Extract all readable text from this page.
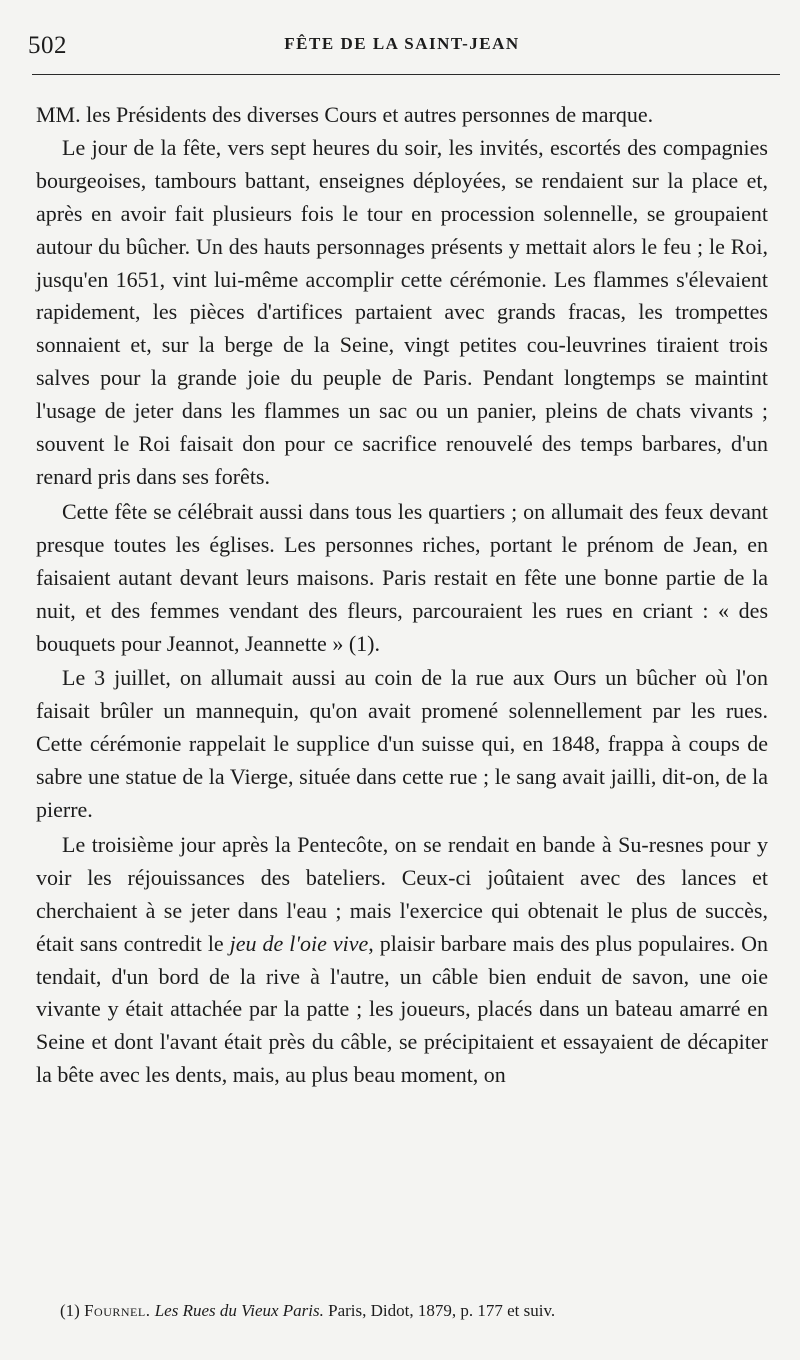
502	FÊTE DE LA SAINT-JEAN

MM. les Présidents des diverses Cours et autres personnes de marque.

Le jour de la fête, vers sept heures du soir, les invités, escortés des compagnies bourgeoises, tambours battant, enseignes déployées, se rendaient sur la place et, après en avoir fait plusieurs fois le tour en procession solennelle, se groupaient autour du bûcher. Un des hauts personnages présents y mettait alors le feu ; le Roi, jusqu'en 1651, vint lui-même accomplir cette cérémonie. Les flammes s'élevaient rapidement, les pièces d'artifices partaient avec grands fracas, les trompettes sonnaient et, sur la berge de la Seine, vingt petites cou-leuvrines tiraient trois salves pour la grande joie du peuple de Paris. Pendant longtemps se maintint l'usage de jeter dans les flammes un sac ou un panier, pleins de chats vivants ; souvent le Roi faisait don pour ce sacrifice renouvelé des temps barbares, d'un renard pris dans ses forêts.

Cette fête se célébrait aussi dans tous les quartiers ; on allumait des feux devant presque toutes les églises. Les personnes riches, portant le prénom de Jean, en faisaient autant devant leurs maisons. Paris restait en fête une bonne partie de la nuit, et des femmes vendant des fleurs, parcouraient les rues en criant : « des bouquets pour Jeannot, Jeannette » (1).

Le 3 juillet, on allumait aussi au coin de la rue aux Ours un bûcher où l'on faisait brûler un mannequin, qu'on avait promené solennellement par les rues. Cette cérémonie rappelait le supplice d'un suisse qui, en 1848, frappa à coups de sabre une statue de la Vierge, située dans cette rue ; le sang avait jailli, dit-on, de la pierre.

Le troisième jour après la Pentecôte, on se rendait en bande à Su-resnes pour y voir les réjouissances des bateliers. Ceux-ci joûtaient avec des lances et cherchaient à se jeter dans l'eau ; mais l'exercice qui obtenait le plus de succès, était sans contredit le jeu de l'oie vive, plaisir barbare mais des plus populaires. On tendait, d'un bord de la rive à l'autre, un câble bien enduit de savon, une oie vivante y était attachée par la patte ; les joueurs, placés dans un bateau amarré en Seine et dont l'avant était près du câble, se précipitaient et essayaient de décapiter la bête avec les dents, mais, au plus beau moment, on

(1) Fournel. Les Rues du Vieux Paris. Paris, Didot, 1879, p. 177 et suiv.
